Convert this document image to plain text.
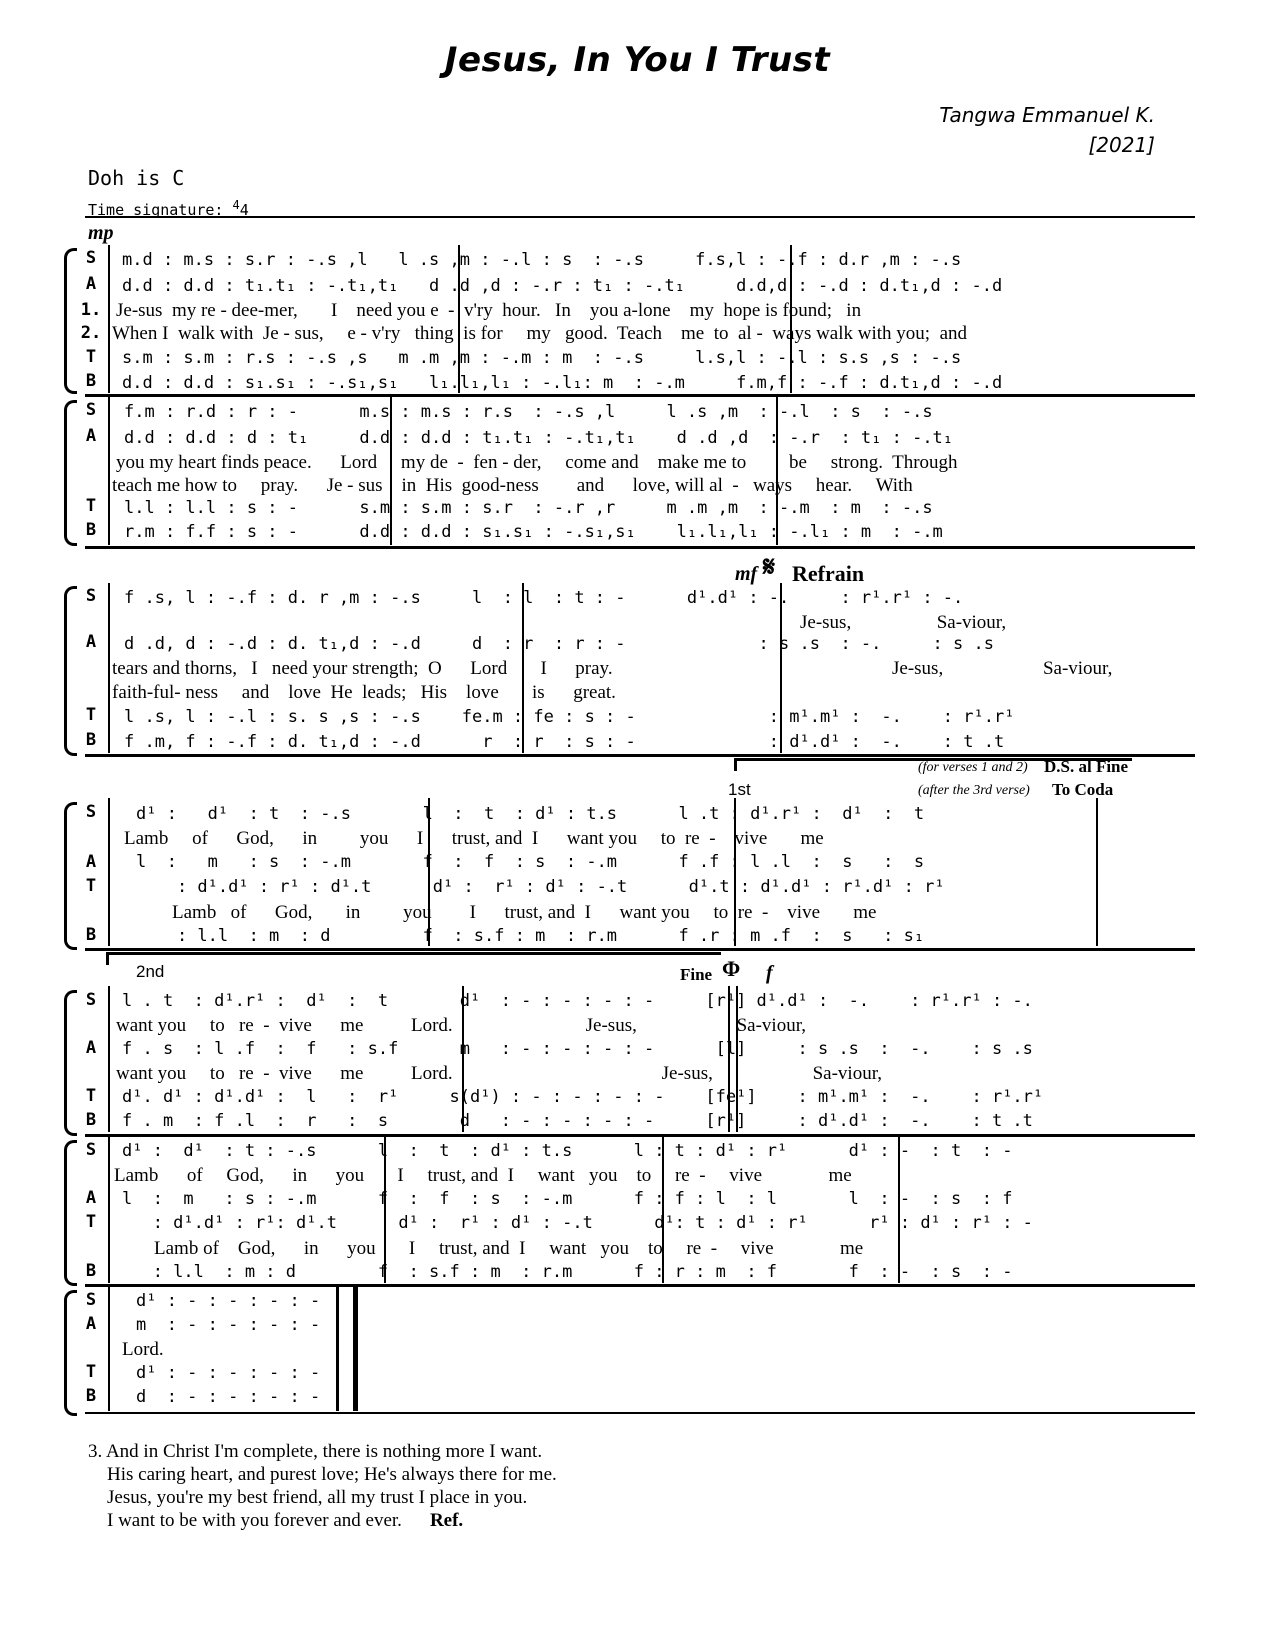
Jesus, In You I Trust
Tangwa Emmanuel K.
[2021]
Doh is C
Time signature: $^4$4
mp
S
A
1.
2.
T
B
m.d : m.s : s.r : -.s ,l   l .s ,m : -.l : s  : -.s     f.s,l : -.f : d.r ,m : -.s
d.d : d.d : t₁.t₁ : -.t₁,t₁   d .d ,d : -.r : t₁ : -.t₁     d.d,d : -.d : d.t₁,d : -.d
Je-sus  my re - dee-mer,       I    need you e  -  v'ry  hour.   In    you a-lone    my  hope is found;   in
When I  walk with  Je - sus,     e - v'ry   thing  is for     my   good.  Teach    me  to  al -  ways walk with you;  and
s.m : s.m : r.s : -.s ,s   m .m ,m : -.m : m  : -.s     l.s,l : -.l : s.s ,s : -.s
d.d : d.d : s₁.s₁ : -.s₁,s₁   l₁.l₁,l₁ : -.l₁: m  : -.m     f.m,f : -.f : d.t₁,d : -.d
S
A
T
B
f.m : r.d : r : -      m.s : m.s : r.s  : -.s ,l     l .s ,m  : -.l  : s  : -.s
d.d : d.d : d : t₁     d.d : d.d : t₁.t₁ : -.t₁,t₁    d .d ,d  : -.r  : t₁ : -.t₁
you my heart finds peace.      Lord     my de  -  fen - der,     come and    make me to         be     strong.  Through
teach me how to     pray.      Je - sus    in  His  good-ness        and      love, will al  -   ways     hear.     With
l.l : l.l : s : -      s.m : s.m : s.r  : -.r ,r     m .m ,m  : -.m  : m  : -.s
r.m : f.f : s : -      d.d : d.d : s₁.s₁ : -.s₁,s₁    l₁.l₁,l₁ : -.l₁ : m  : -.m
mf 𝄋 Refrain
S
A
T
B
f .s, l : -.f : d. r ,m : -.s     l  : l  : t : -      d¹.d¹ : -.     : r¹.r¹ : -.
Je-sus,                  Sa-viour,
d .d, d : -.d : d. t₁,d : -.d     d  : r  : r : -             : s .s  : -.     : s .s
Je-sus,                     Sa-viour,
tears and thorns,   I   need your strength;  O      Lord       I      pray.
faith-ful- ness     and    love  He  leads;   His    love       is      great.
l .s, l : -.l : s. s ,s : -.s    fe.m : fe : s : -             : m¹.m¹ :  -.    : r¹.r¹
f .m, f : -.f : d. t₁,d : -.d      r  : r  : s : -             : d¹.d¹ :  -.    : t .t
(for verses 1 and 2) D.S. al Fine
1st	(after the 3rd verse) To Coda
S
A
T
B
d¹ :   d¹  : t  : -.s       l  :  t  : d¹ : t.s      l .t : d¹.r¹ :  d¹  :  t
Lamb     of      God,      in         you      I      trust, and  I      want you     to  re  -    vive       me
l  :   m   : s  : -.m       f  :  f  : s  : -.m      f .f : l .l  :  s   :  s
: d¹.d¹ : r¹ : d¹.t      d¹ :  r¹ : d¹ : -.t      d¹.t : d¹.d¹ : r¹.d¹ : r¹
Lamb   of      God,       in         you        I      trust, and  I      want you     to  re  -    vive       me
: l.l  : m  : d         f  : s.f : m  : r.m      f .r : m .f  :  s   : s₁
2nd	Fine Φ f
S
A
T
B
l . t  : d¹.r¹ :  d¹  :  t       d¹  : - : - : - : -     [r¹] d¹.d¹ :  -.    : r¹.r¹ : -.
want you     to   re  -  vive      me          Lord.                            Je-sus,                     Sa-viour,
f . s  : l .f  :  f   : s.f      m   : - : - : - : -      [l]     : s .s  :  -.    : s .s
want you     to   re  -  vive      me          Lord.                                            Je-sus,                     Sa-viour,
d¹. d¹ : d¹.d¹ :  l   :  r¹     s(d¹) : - : - : - : -    [fe¹]    : m¹.m¹ :  -.    : r¹.r¹
f . m  : f .l  :  r   :  s       d   : - : - : - : -     [r¹]     : d¹.d¹ :  -.    : t .t
S
A
T
B
d¹ :  d¹  : t : -.s      l  :  t  : d¹ : t.s      l : t : d¹ : r¹      d¹ : -  : t  : -
Lamb      of     God,      in      you       I     trust, and  I     want   you    to     re  -     vive              me
l  :  m   : s : -.m      f  :  f  : s  : -.m      f : f : l  : l       l  : -  : s  : f
: d¹.d¹ : r¹: d¹.t      d¹ :  r¹ : d¹ : -.t      d¹: t : d¹ : r¹      r¹ : d¹ : r¹ : -
Lamb of    God,      in      you       I     trust, and  I     want   you    to     re  -     vive              me
: l.l  : m : d        f  : s.f : m  : r.m      f : r : m  : f       f  : -  : s  : -
S
A
T
B
d¹ : - : - : - : -
m  : - : - : - : -
Lord.
d¹ : - : - : - : -
d  : - : - : - : -
3. And in Christ I'm complete, there is nothing more I want.
His caring heart, and purest love; He's always there for me.
Jesus, you're my best friend, all my trust I place in you.
I want to be with you forever and ever. Ref.
